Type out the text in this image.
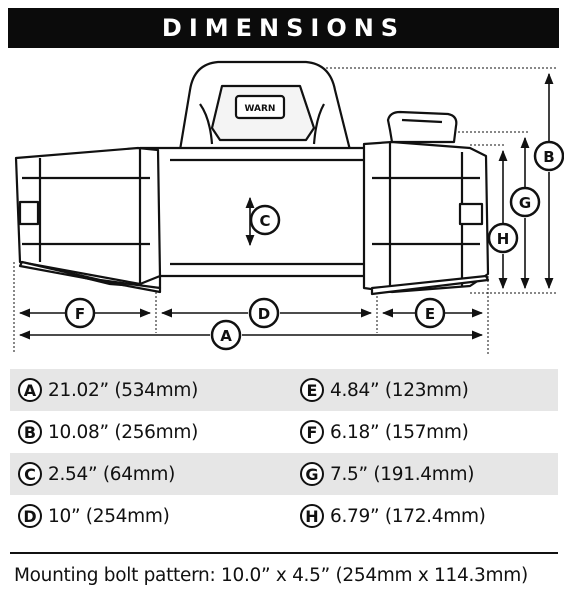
DIMENSIONS
WARN
B
G
H
C
F	D	E
A
A 21.02” (534mm)	E 4.84” (123mm)
B 10.08” (256mm)	F 6.18” (157mm)
C 2.54” (64mm)	G 7.5” (191.4mm)
D 10” (254mm)	H 6.79” (172.4mm)
Mounting bolt pattern: 10.0” x 4.5” (254mm x 114.3mm)
